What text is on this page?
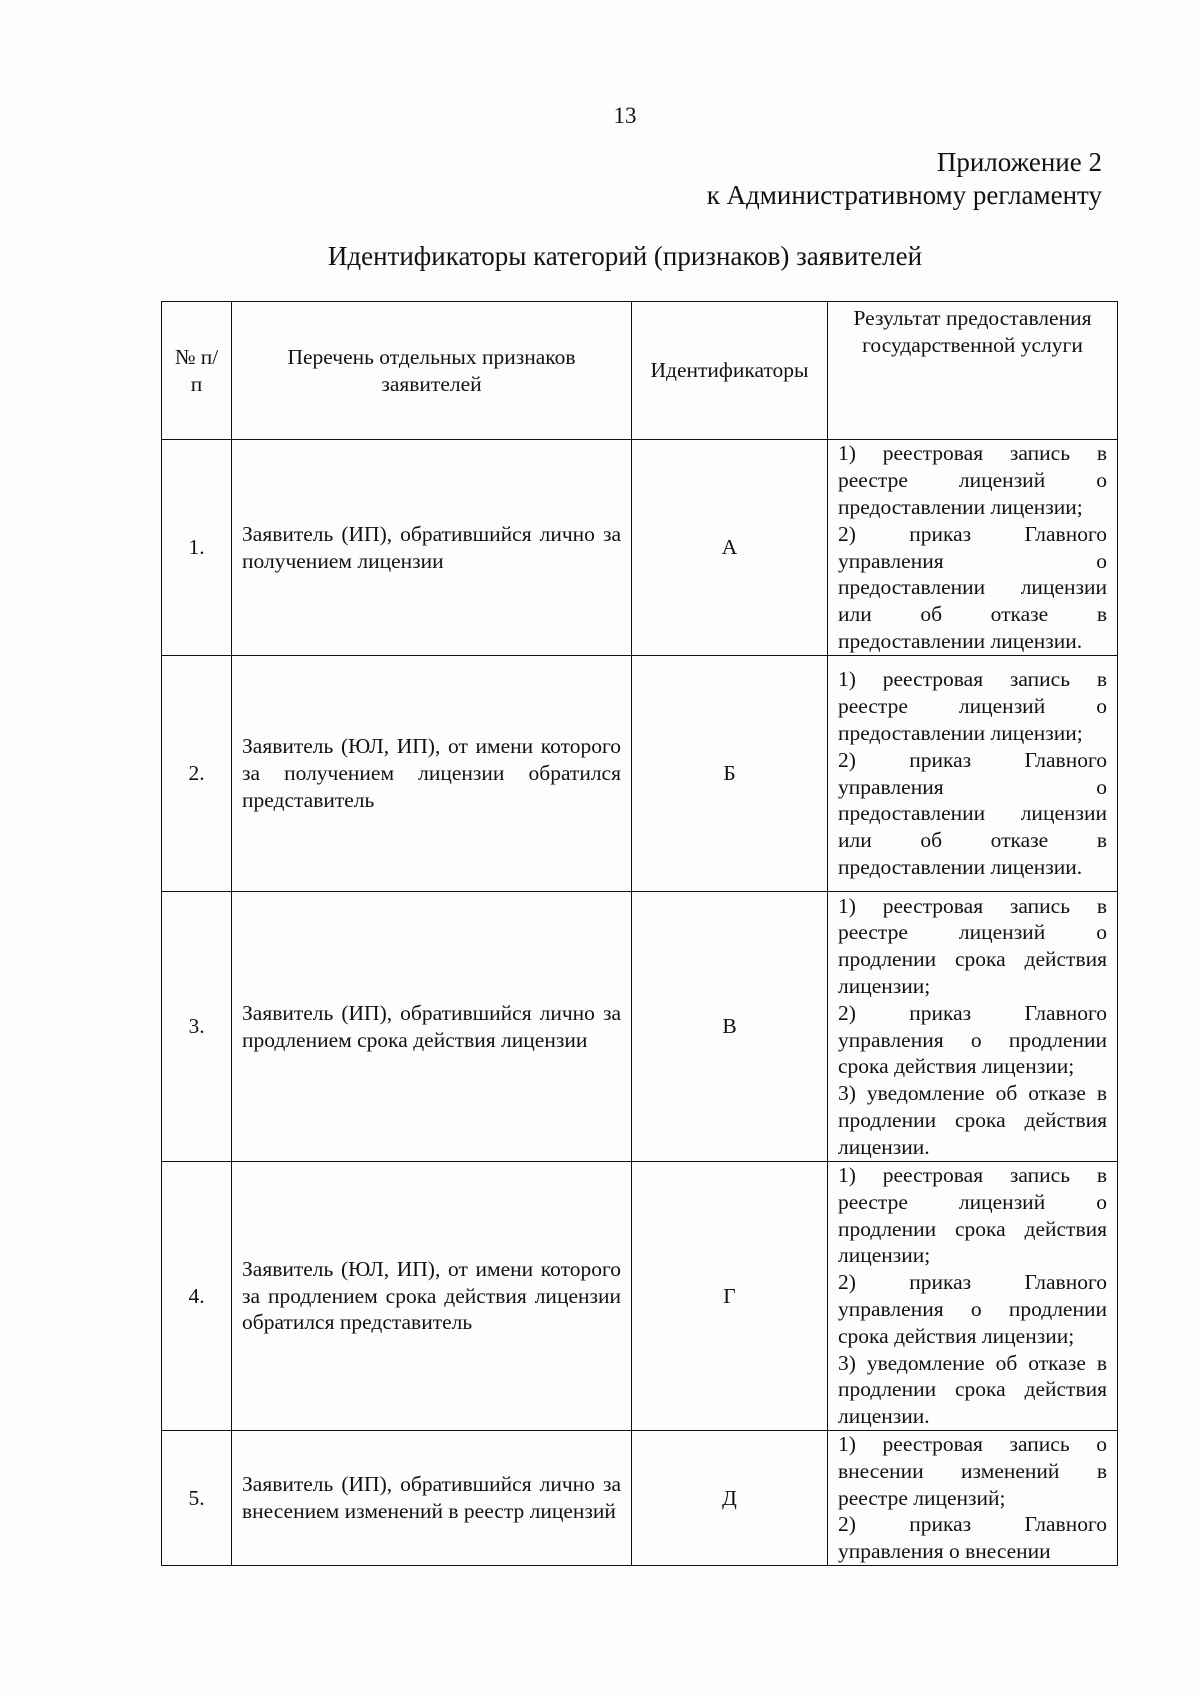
13
Приложение 2
к Административному регламенту
Идентификаторы категорий (признаков) заявителей
№ п/п	Перечень отдельных признаков заявителей	Идентификаторы	Результат предоставления государственной услуги
1.	Заявитель (ИП), обратившийся лично за получением лицензии	А	1) реестровая запись в реестре лицензий о предоставлении лицензии;
2) приказ Главного управления о предоставлении лицензии или об отказе в предоставлении лицензии.

2.	Заявитель (ЮЛ, ИП), от имени которого за получением лицензии обратился представитель	Б	1) реестровая запись в реестре лицензий о предоставлении лицензии;
2) приказ Главного управления о предоставлении лицензии или об отказе в предоставлении лицензии.

3.	Заявитель (ИП), обратившийся лично за продлением срока действия лицензии	В	1) реестровая запись в реестре лицензий о продлении срока действия лицензии;
2) приказ Главного управления о продлении срока действия лицензии;
3) уведомление об отказе в продлении срока действия лицензии.

4.	Заявитель (ЮЛ, ИП), от имени которого за продлением срока действия лицензии обратился представитель	Г	1) реестровая запись в реестре лицензий о продлении срока действия лицензии;
2) приказ Главного управления о продлении срока действия лицензии;
3) уведомление об отказе в продлении срока действия лицензии.

5.	Заявитель (ИП), обратившийся лично за внесением изменений в реестр лицензий	Д	1) реестровая запись о внесении изменений в реестре лицензий;
2) приказ Главного управления о внесении
